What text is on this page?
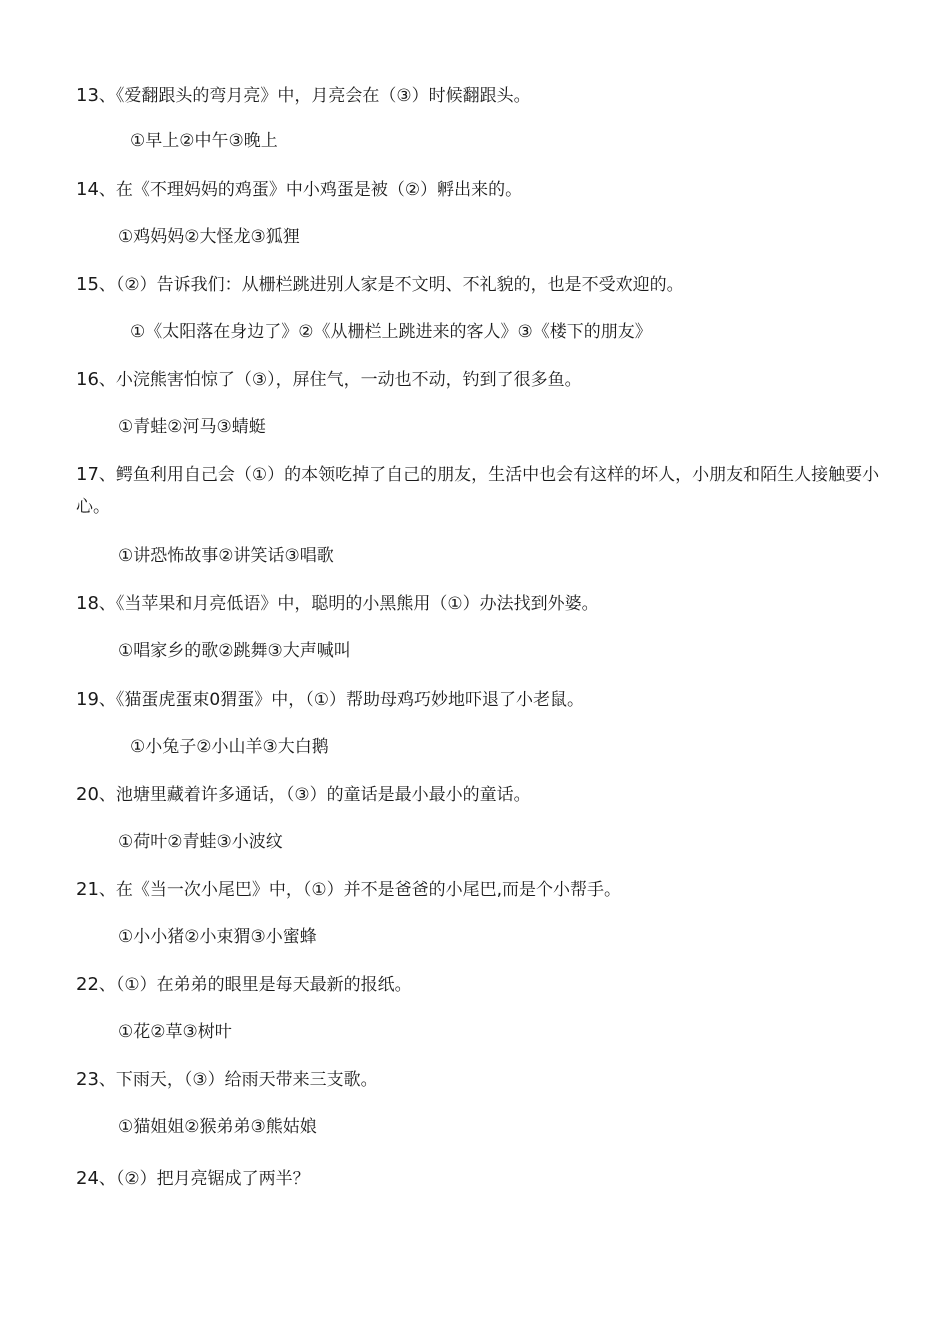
13、《爱翻跟头的弯月亮》中，月亮会在（③）时候翻跟头。
①早上②中午③晚上
14、在《不理妈妈的鸡蛋》中小鸡蛋是被（②）孵出来的。
①鸡妈妈②大怪龙③狐狸
15、（②）告诉我们：从栅栏跳进别人家是不文明、不礼貌的，也是不受欢迎的。
①《太阳落在身边了》②《从栅栏上跳进来的客人》③《楼下的朋友》
16、小浣熊害怕惊了（③），屏住气，一动也不动，钓到了很多鱼。
①青蛙②河马③蜻蜓
17、鳄鱼利用自己会（①）的本领吃掉了自己的朋友，生活中也会有这样的坏人，小朋友和陌生人接触要小心。
①讲恐怖故事②讲笑话③唱歌
18、《当苹果和月亮低语》中，聪明的小黑熊用（①）办法找到外婆。
①唱家乡的歌②跳舞③大声喊叫
19、《猫蛋虎蛋束0猬蛋》中，（①）帮助母鸡巧妙地吓退了小老鼠。
①小兔子②小山羊③大白鹅
20、池塘里藏着许多通话，（③）的童话是最小最小的童话。
①荷叶②青蛙③小波纹
21、在《当一次小尾巴》中，（①）并不是爸爸的小尾巴,而是个小帮手。
①小小猪②小束猬③小蜜蜂
22、（①）在弟弟的眼里是每天最新的报纸。
①花②草③树叶
23、下雨天，（③）给雨天带来三支歌。
①猫姐姐②猴弟弟③熊姑娘
24、（②）把月亮锯成了两半？
